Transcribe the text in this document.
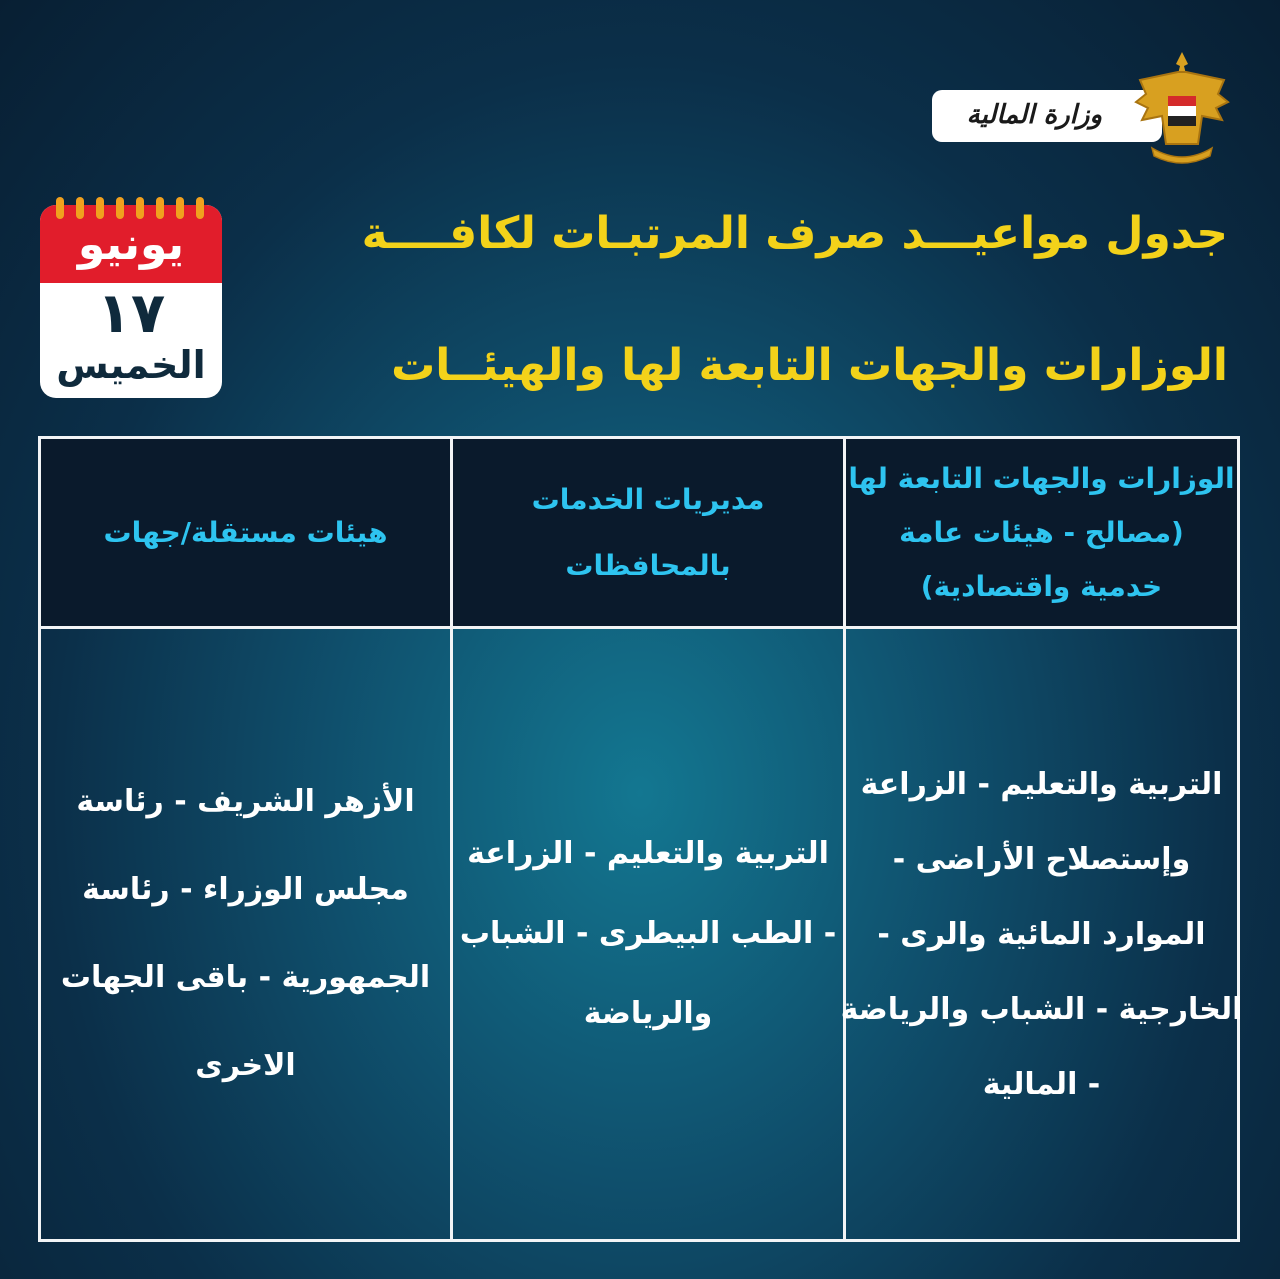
وزارة المالية
جدول مواعيـــد صرف المرتبـات لكافــــة
الوزارات والجهات التابعة لها والهيئــات
يونيو
١٧
الخميس
الوزارات والجهات التابعة لها
(مصالح - هيئات عامة
خدمية واقتصادية)
مديريات الخدمات
بالمحافظات
هيئات مستقلة/جهات
التربية والتعليم - الزراعة
وإستصلاح الأراضى -
الموارد المائية والرى -
الخارجية - الشباب والرياضة
- المالية
التربية والتعليم - الزراعة
- الطب البيطرى - الشباب
والرياضة
الأزهر الشريف - رئاسة
مجلس الوزراء - رئاسة
الجمهورية - باقى الجهات
الاخرى
